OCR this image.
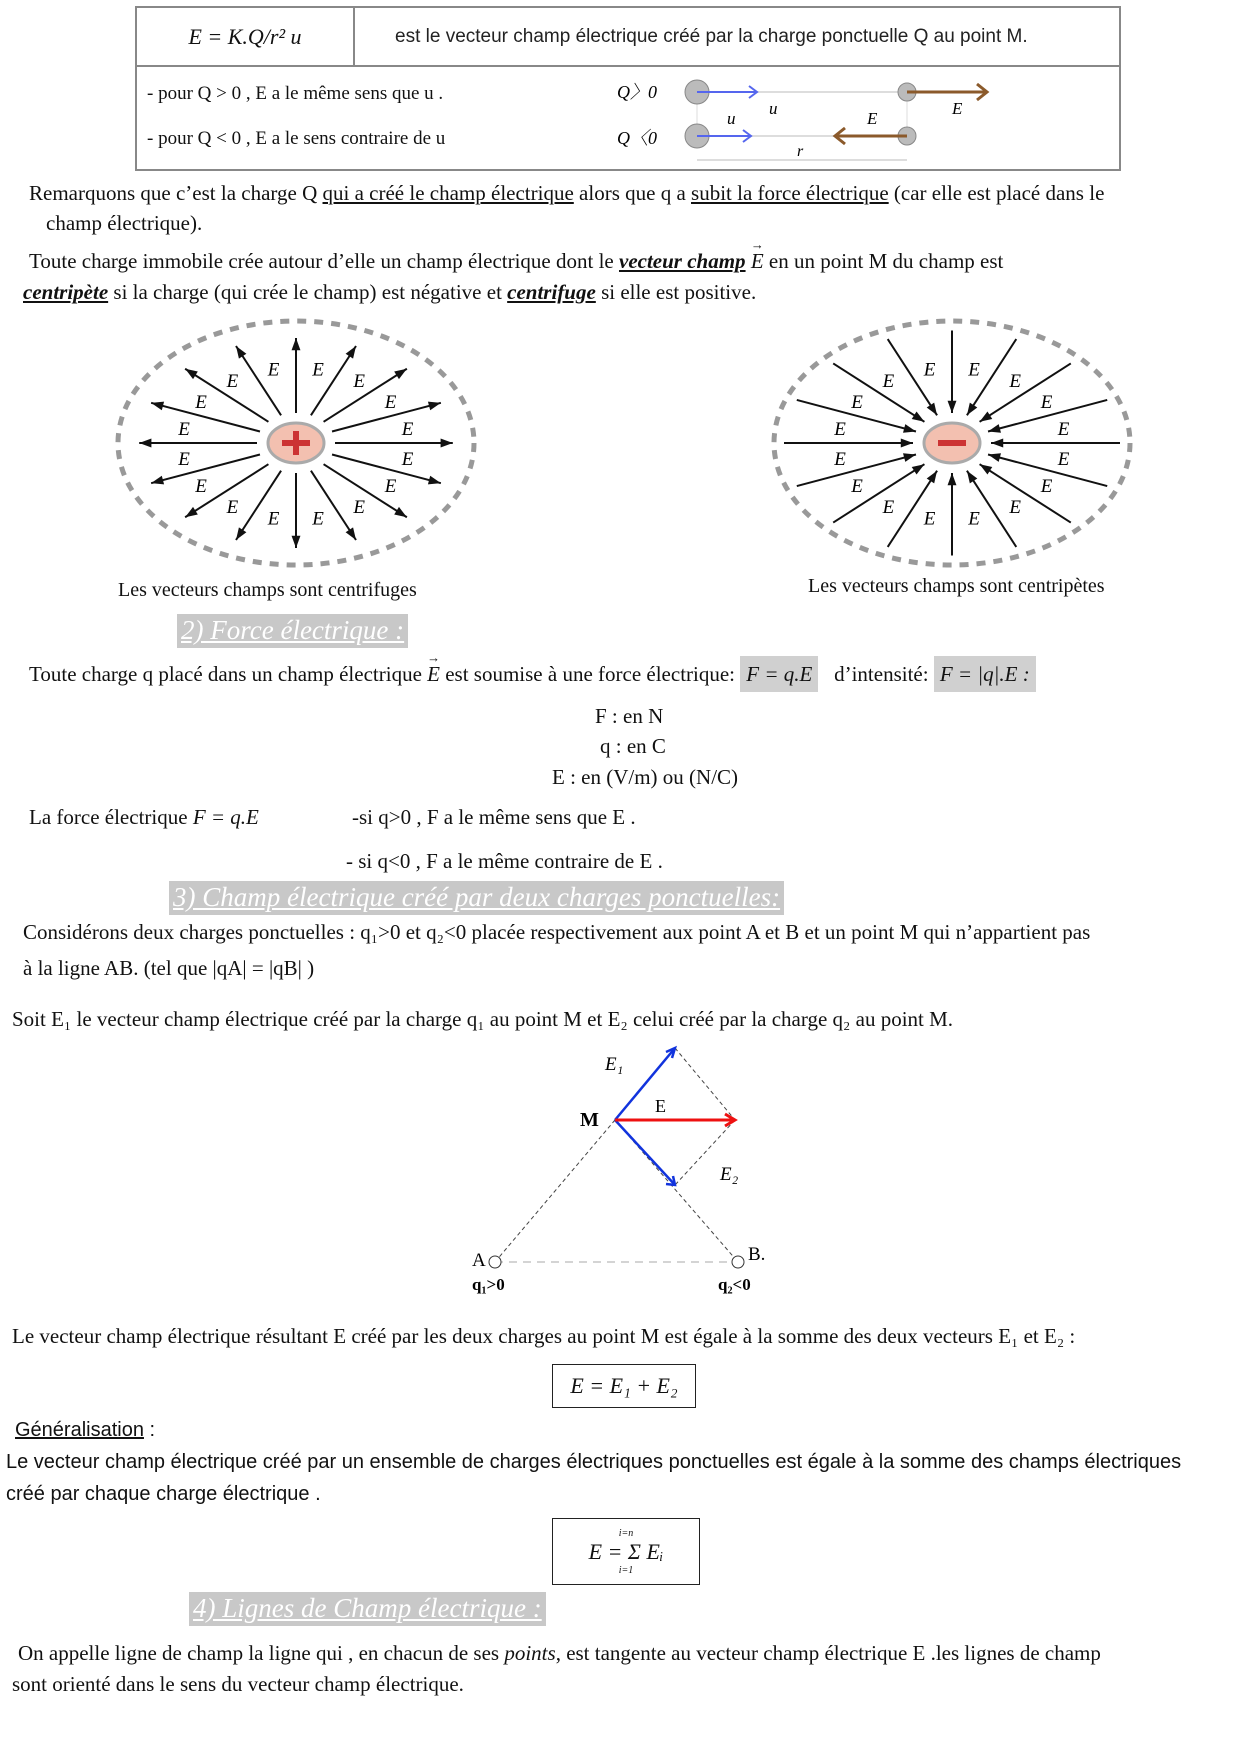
E = K.Q/r² u	est le vecteur champ électrique créé par la charge ponctuelle Q au point M.

- pour Q > 0 , E a le même sens que u .
- pour Q < 0 , E a le sens contraire de u
Q〉0
Q〈0
u
u
E
E
r
Remarquons que c’est la charge Q qui a créé le champ électrique alors que q a subit la force électrique (car elle est placé dans le
champ électrique).
Toute charge immobile crée autour d’elle un champ électrique dont le vecteur champ → E en un point M du champ est
centripète si la charge (qui crée le champ) est négative et centrifuge si elle est positive.
E
E
E
E
E
E
E
E
E
E
E
E E
E
E
E
E
E
E
E
E
E
E
E
E
E
E
E E
E
E
E
Les vecteurs champs sont centrifuges	Les vecteurs champs sont centripètes
2) Force électrique :
Toute charge q placé dans un champ électrique → E est soumise à une force électrique: F = q.E d’intensité: F = |q|.E :
F : en N
q : en C
E : en (V/m) ou (N/C)
La force électrique F = q.E	-si q>0 , F a le même sens que E .
- si q<0 , F a le même contraire de E .
3) Champ électrique créé par deux charges ponctuelles:
Considérons deux charges ponctuelles : q₁>0 et q₂<0 placée respectivement aux point A et B et un point M qui n’appartient pas
à la ligne AB. (tel que |qA| = |qB| )
Soit E₁ le vecteur champ électrique créé par la charge q₁ au point M et E₂ celui créé par la charge q₂ au point M.
M
E₁
E
E₂
A	B.
q₁>0	q₂<0
Le vecteur champ électrique résultant E créé par les deux charges au point M est égale à la somme des deux vecteurs E₁ et E₂ :
E = E₁ + E₂
Généralisation :
Le vecteur champ électrique créé par un ensemble de charges électriques ponctuelles est égale à la somme des champs électriques
créé par chaque charge électrique .
i=n
E = Σ Eᵢ
i=1
4) Lignes de Champ électrique :
On appelle ligne de champ la ligne qui , en chacun de ses points, est tangente au vecteur champ électrique E .les lignes de champ
sont orienté dans le sens du vecteur champ électrique.
